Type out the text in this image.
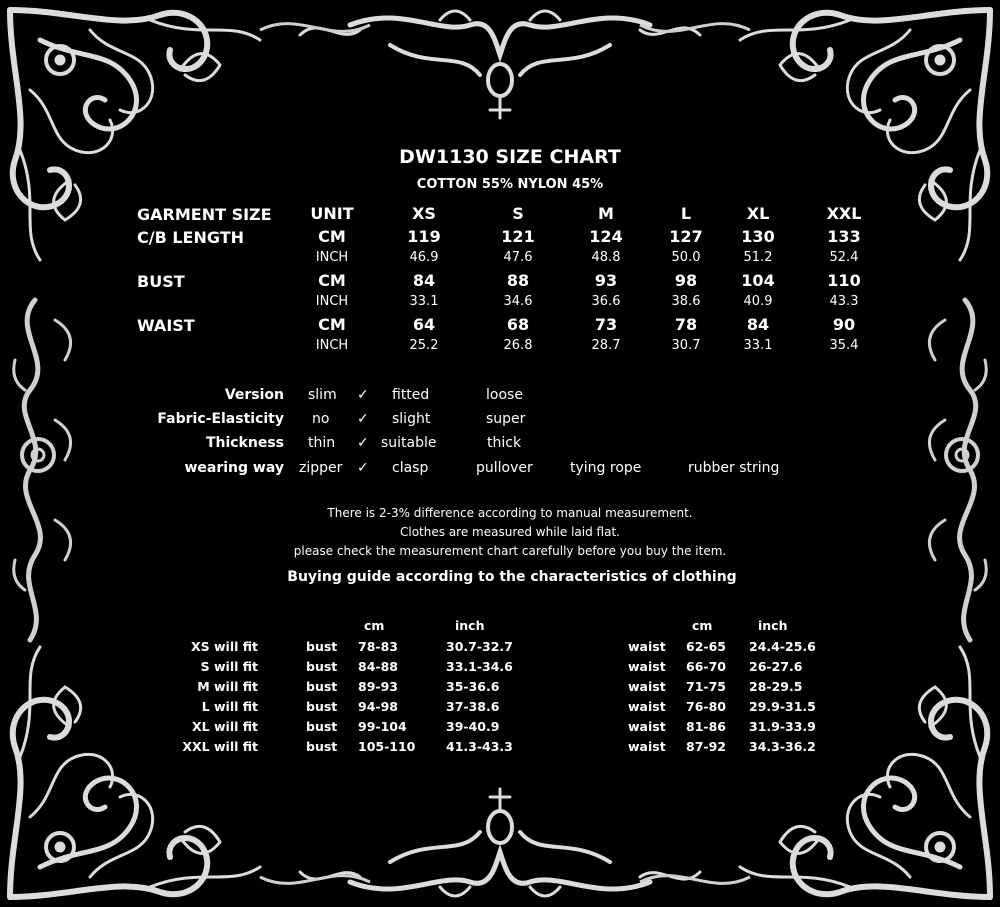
DW1130 SIZE CHART
COTTON 55% NYLON 45%
GARMENT SIZE	UNIT	XS	S	M	L	XL	XXL
C/B LENGTH	CM	119	121	124	127	130	133
INCH	46.9	47.6	48.8	50.0	51.2	52.4
BUST	CM	84	88	93	98	104	110
INCH	33.1	34.6	36.6	38.6	40.9	43.3
WAIST	CM	64	68	73	78	84	90
INCH	25.2	26.8	28.7	30.7	33.1	35.4
Version slim ✓ fitted	loose
Fabric-Elasticity no ✓ slight	super
Thickness thin ✓ suitable	thick
wearing way zipper ✓ clasp	pullover	tying rope	rubber string
There is 2-3% difference according to manual measurement.
Clothes are measured while laid flat.
please check the measurement chart carefully before you buy the item.
Buying guide according to the characteristics of clothing
cm	inch	cm	inch
XS will fit	bust 78-83	30.7-32.7	waist 62-65 24.4-25.6
S will fit	bust 84-88	33.1-34.6	waist 66-70 26-27.6
M will fit	bust 89-93	35-36.6	waist 71-75 28-29.5
L will fit	bust 94-98	37-38.6	waist 76-80 29.9-31.5
XL will fit	bust 99-104	39-40.9	waist 81-86 31.9-33.9
XXL will fit	bust 105-110 41.3-43.3	waist 87-92 34.3-36.2
